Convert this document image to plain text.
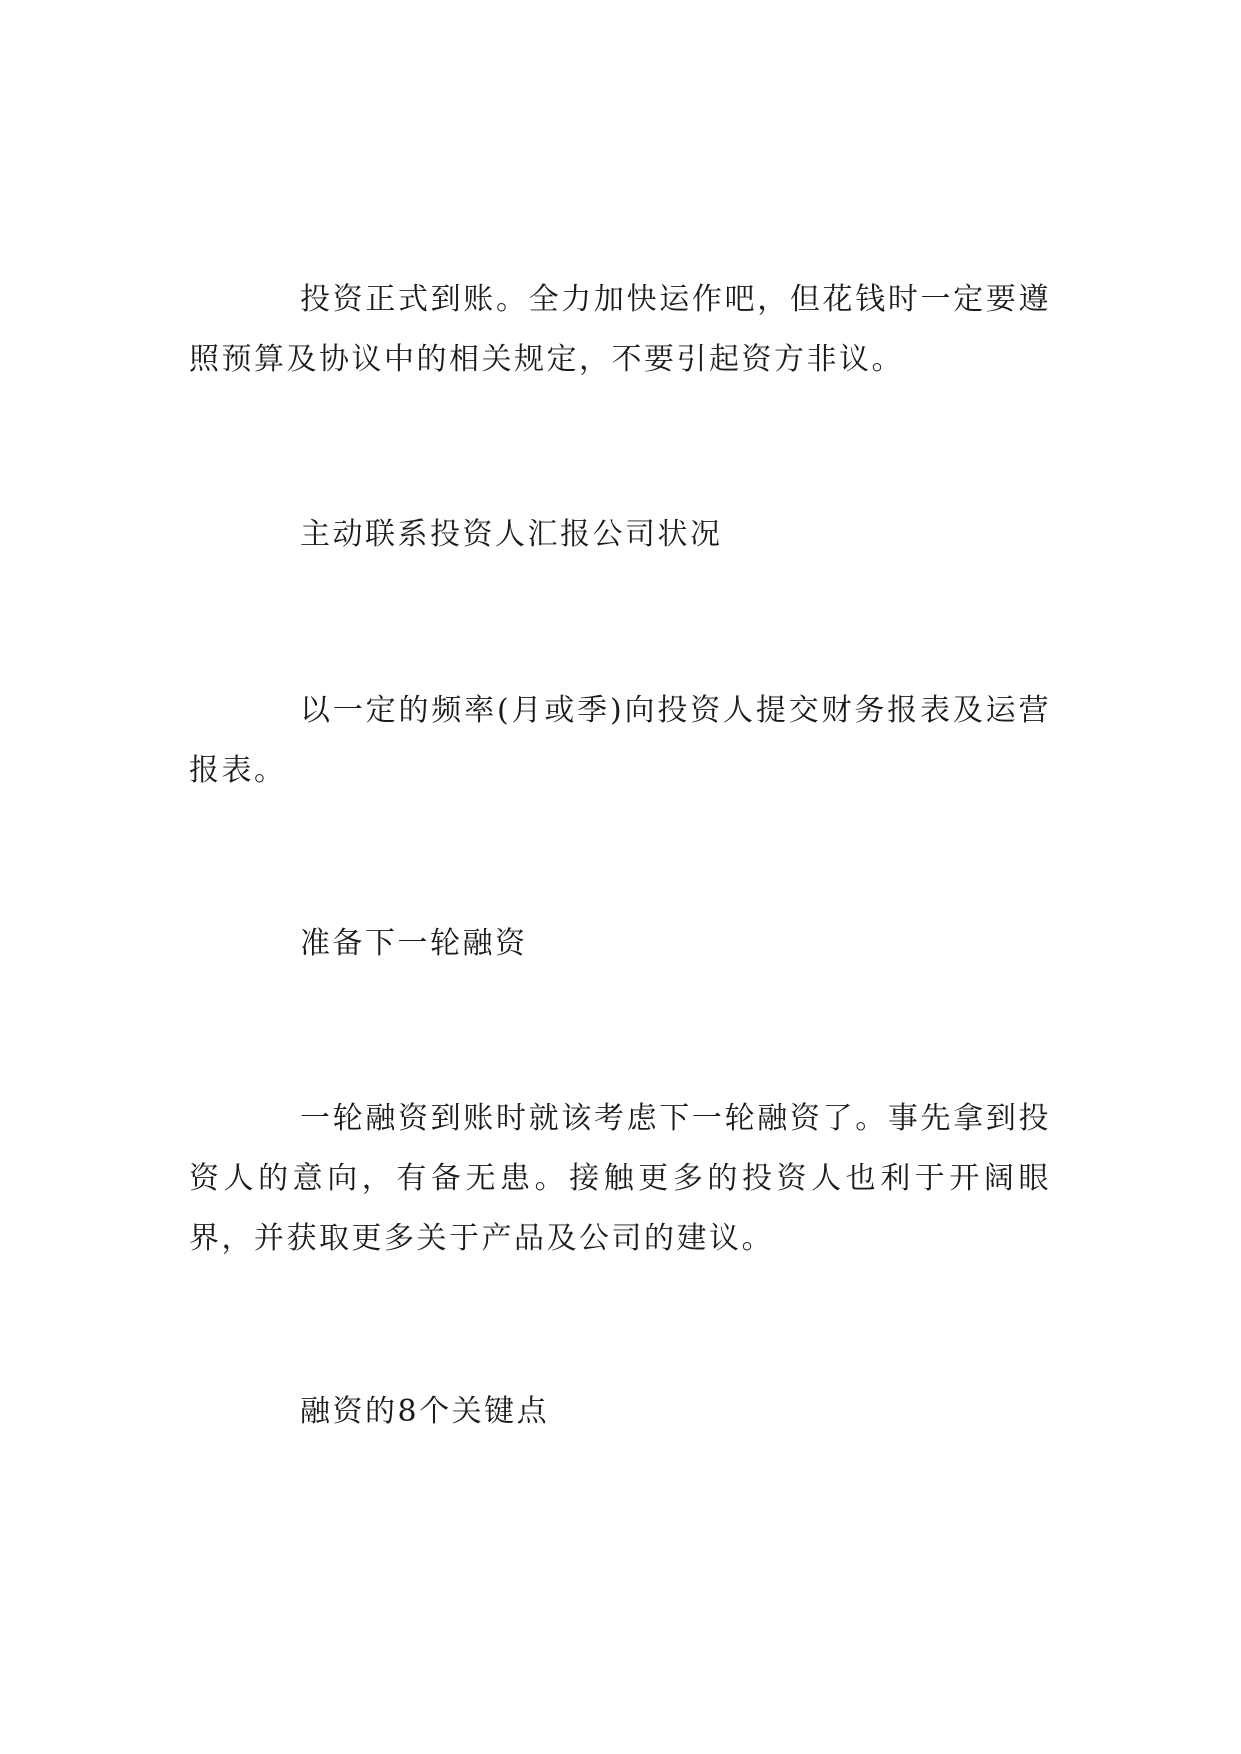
投资正式到账。全力加快运作吧，但花钱时一定要遵照预算及协议中的相关规定，不要引起资方非议。

主动联系投资人汇报公司状况

以一定的频率(月或季)向投资人提交财务报表及运营报表。

准备下一轮融资

一轮融资到账时就该考虑下一轮融资了。事先拿到投资人的意向，有备无患。接触更多的投资人也利于开阔眼界，并获取更多关于产品及公司的建议。

融资的8个关键点
